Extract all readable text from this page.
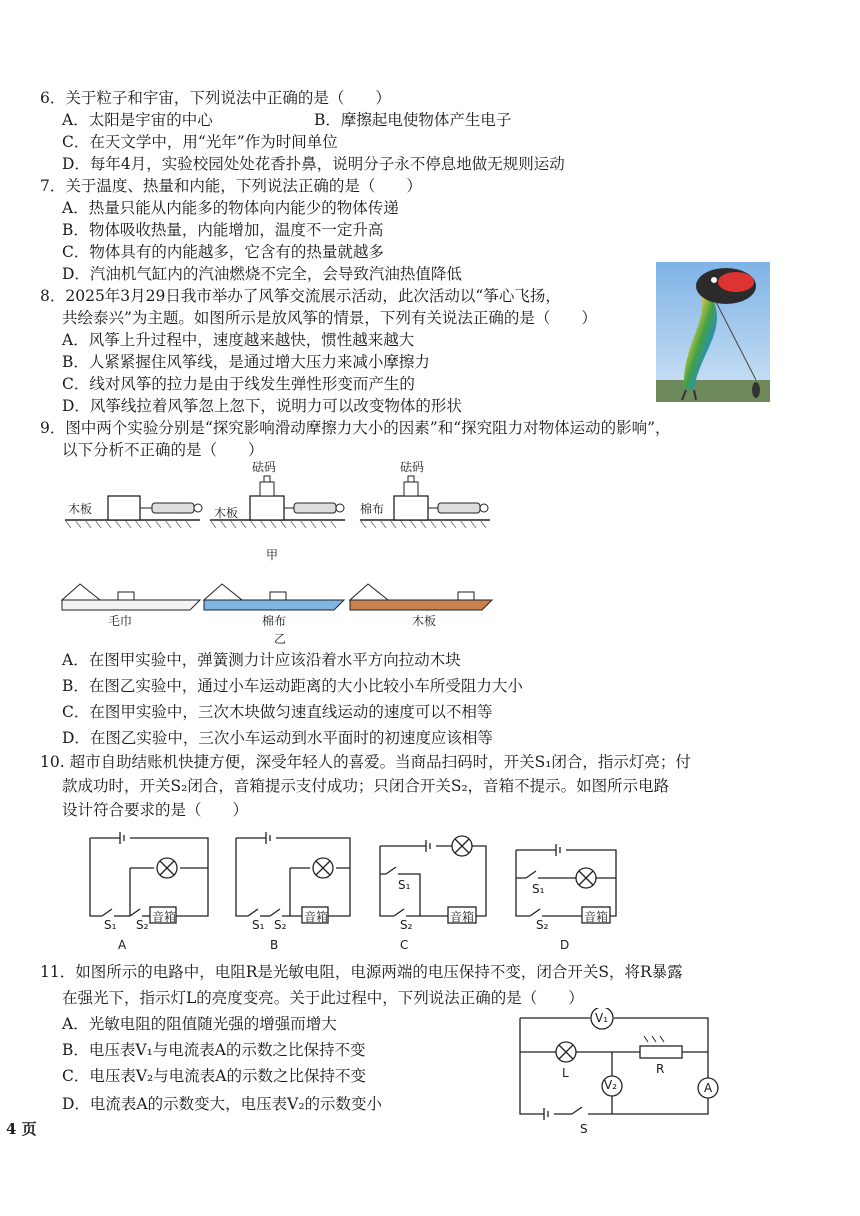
6．关于粒子和宇宙，下列说法中正确的是（　　）
A．太阳是宇宙的中心	B．摩擦起电使物体产生电子
C．在天文学中，用“光年”作为时间单位
D．每年4月，实验校园处处花香扑鼻，说明分子永不停息地做无规则运动
7．关于温度、热量和内能，下列说法正确的是（　　）
A．热量只能从内能多的物体向内能少的物体传递
B．物体吸收热量，内能增加，温度不一定升高
C．物体具有的内能越多，它含有的热量就越多
D．汽油机气缸内的汽油燃烧不完全，会导致汽油热值降低
8．2025年3月29日我市举办了风筝交流展示活动，此次活动以“筝心飞扬，
共绘泰兴”为主题。如图所示是放风筝的情景，下列有关说法正确的是（　　）
A．风筝上升过程中，速度越来越快，惯性越来越大
B．人紧紧握住风筝线，是通过增大压力来减小摩擦力
C．线对风筝的拉力是由于线发生弹性形变而产生的
D．风筝线拉着风筝忽上忽下，说明力可以改变物体的形状
9．图中两个实验分别是“探究影响滑动摩擦力大小的因素”和“探究阻力对物体运动的影响”，
以下分析不正确的是（　　）
木板
砝码
木板
砝码
棉布
甲
毛巾	棉布	木板
乙
A．在图甲实验中，弹簧测力计应该沿着水平方向拉动木块
B．在图乙实验中，通过小车运动距离的大小比较小车所受阻力大小
C．在图甲实验中，三次木块做匀速直线运动的速度可以不相等
D．在图乙实验中，三次小车运动到水平面时的初速度应该相等
10. 超市自助结账机快捷方便，深受年轻人的喜爱。当商品扫码时，开关S₁闭合，指示灯亮；付
款成功时，开关S₂闭合，音箱提示支付成功；只闭合开关S₂，音箱不提示。如图所示电路
设计符合要求的是（　　）
音箱
S₁ S₂
A
音箱
S₁ S₂
B
音箱
S₁
S₂
C
音箱
S₁
S₂
D
11．如图所示的电路中，电阻R是光敏电阻，电源两端的电压保持不变，闭合开关S，将R暴露
在强光下，指示灯L的亮度变亮。关于此过程中，下列说法正确的是（　　）
A．光敏电阻的阻值随光强的增强而增大
B．电压表V₁与电流表A的示数之比保持不变
C．电压表V₂与电流表A的示数之比保持不变
D．电流表A的示数变大，电压表V₂的示数变小
V₁
V₂	A
L	R
S
4 页
